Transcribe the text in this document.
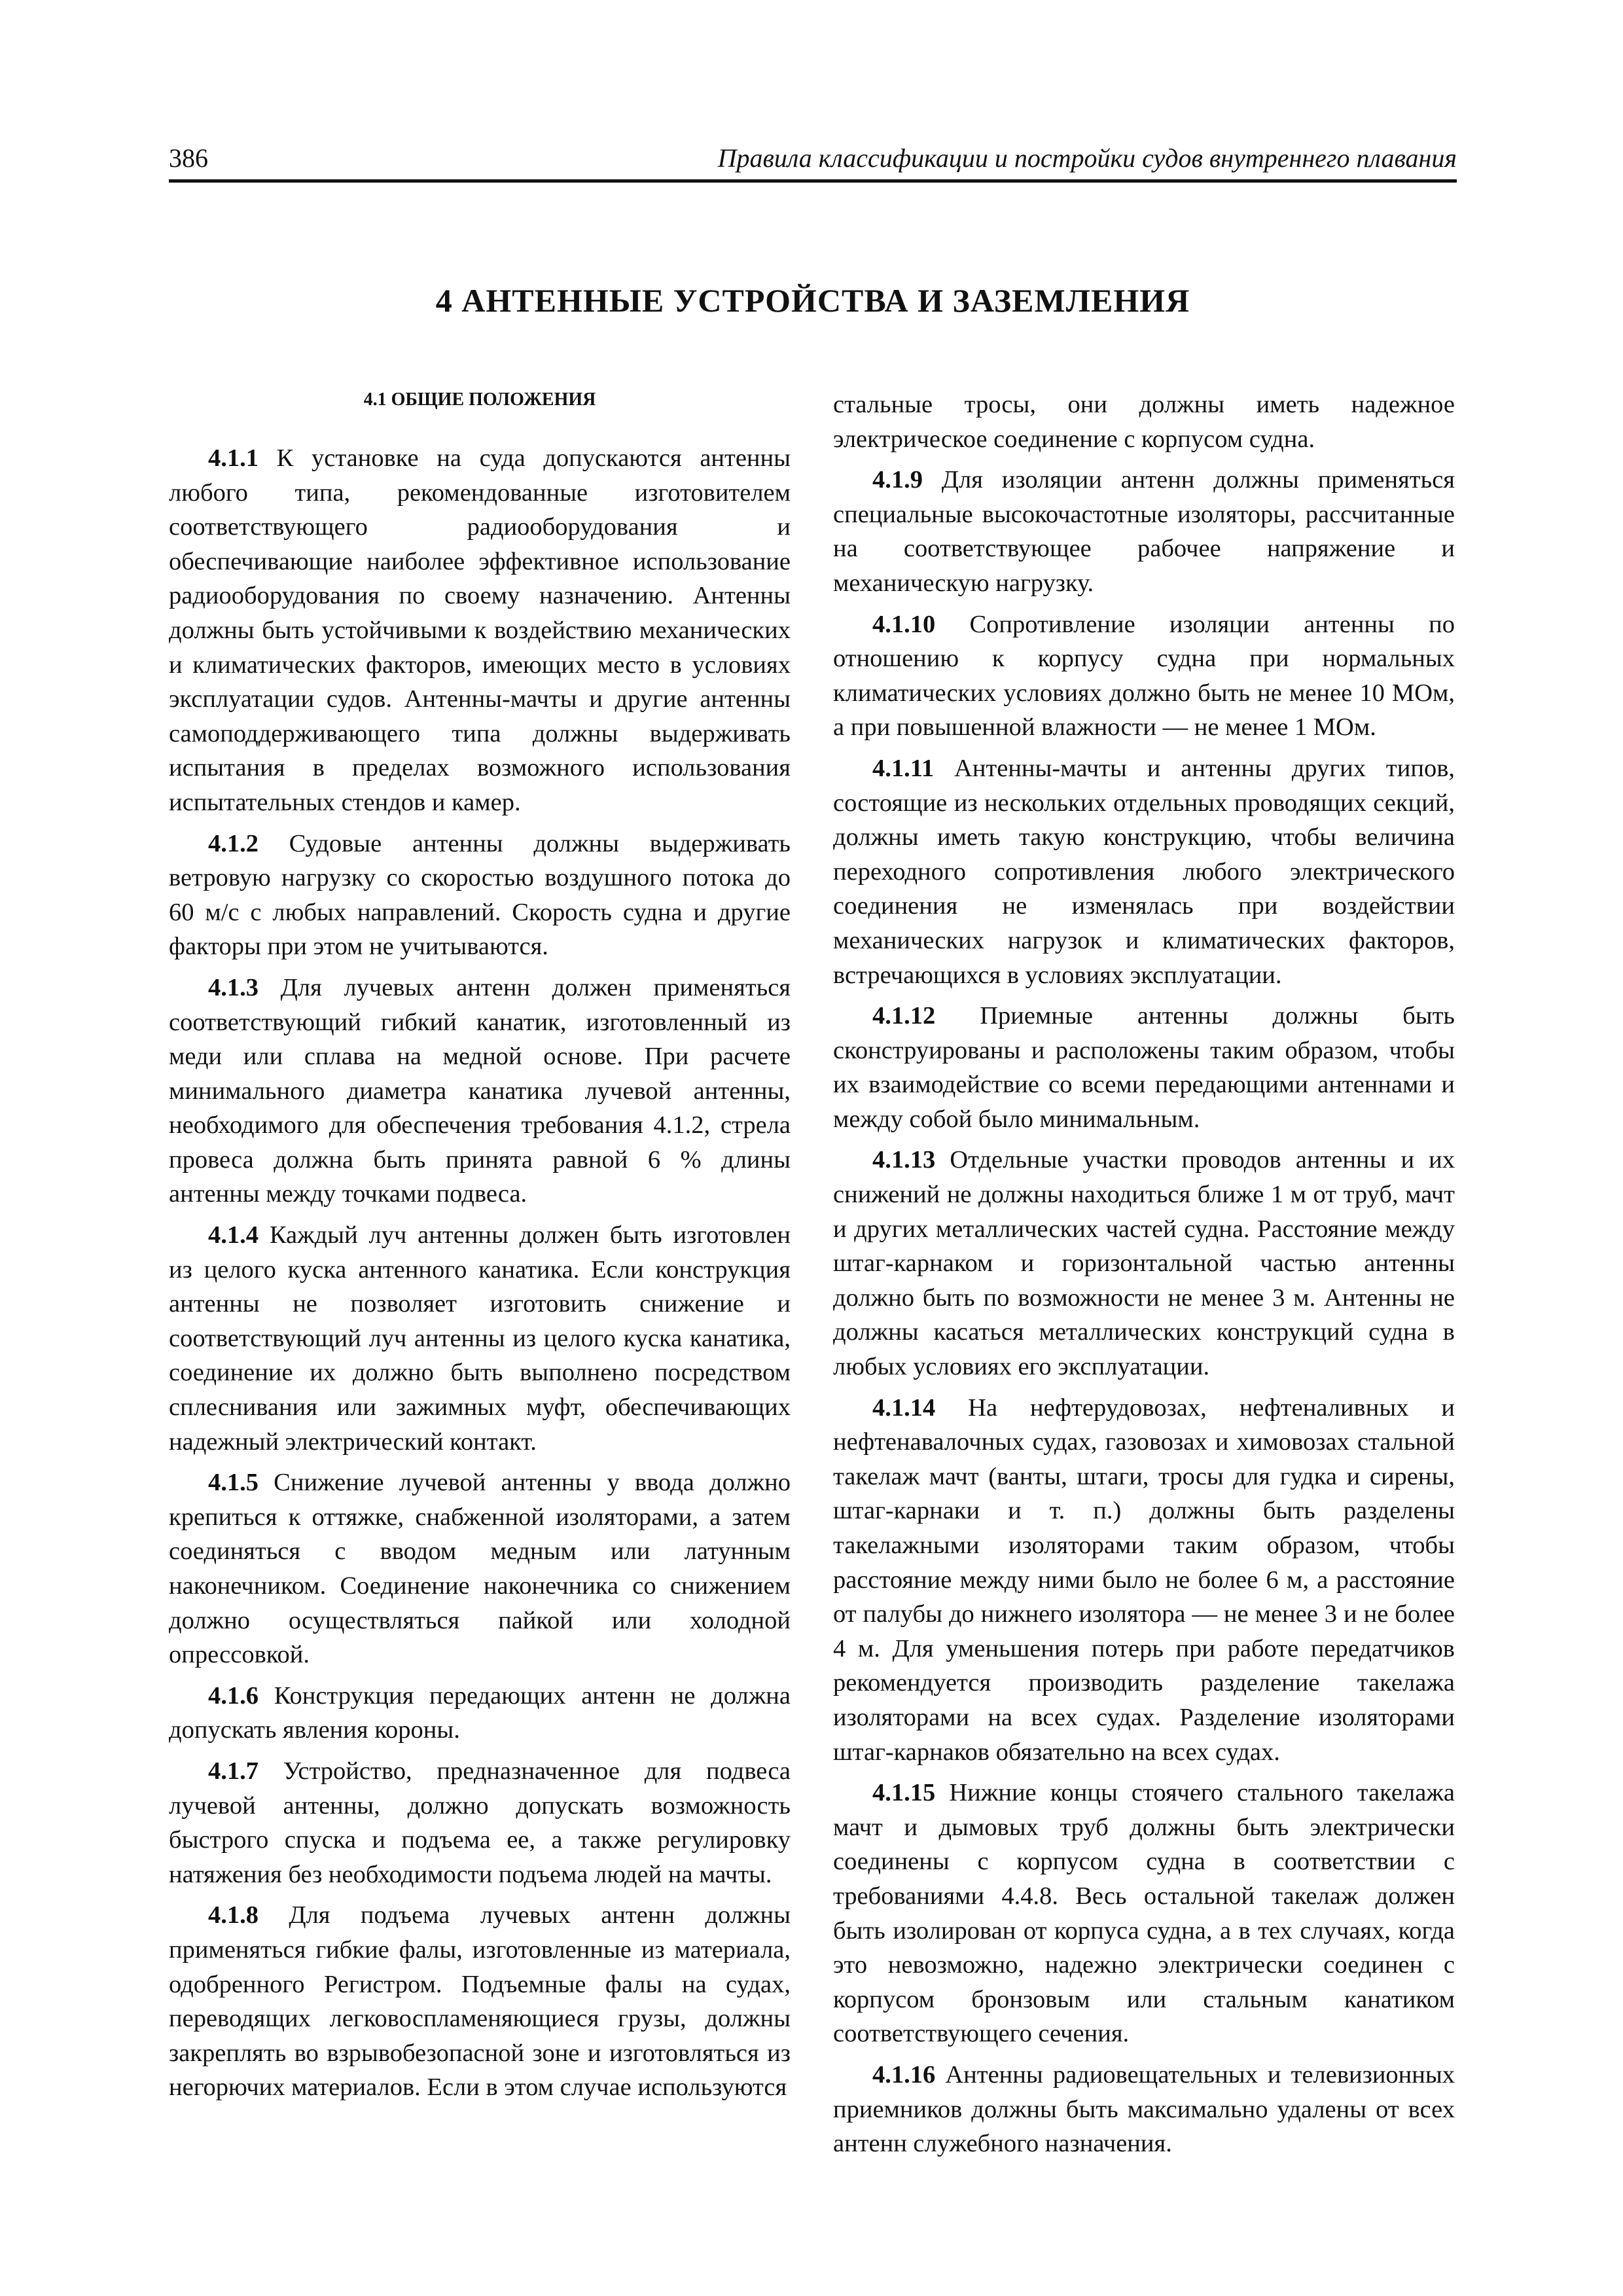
386	Правила классификации и постройки судов внутреннего плавания
4 АНТЕННЫЕ УСТРОЙСТВА И ЗАЗЕМЛЕНИЯ
4.1 ОБЩИЕ ПОЛОЖЕНИЯ

4.1.1 К установке на суда допускаются антенны любого типа, рекомендованные изготовителем соответствующего радиооборудования и обеспечивающие наиболее эффективное использование радиооборудования по своему назначению. Антенны должны быть устойчивыми к воздействию механических и климатических факторов, имеющих место в условиях эксплуатации судов. Антенны-мачты и другие антенны самоподдерживающего типа должны выдерживать испытания в пределах возможного использования испытательных стендов и камер.

4.1.2 Судовые антенны должны выдерживать ветровую нагрузку со скоростью воздушного потока до 60 м/с с любых направлений. Скорость судна и другие факторы при этом не учитываются.

4.1.3 Для лучевых антенн должен применяться соответствующий гибкий канатик, изготовленный из меди или сплава на медной основе. При расчете минимального диаметра канатика лучевой антенны, необходимого для обеспечения требования 4.1.2, стрела провеса должна быть принята равной 6 % длины антенны между точками подвеса.

4.1.4 Каждый луч антенны должен быть изготовлен из целого куска антенного канатика. Если конструкция антенны не позволяет изготовить снижение и соответствующий луч антенны из целого куска канатика, соединение их должно быть выполнено посредством сплеснивания или зажимных муфт, обеспечивающих надежный электрический контакт.

4.1.5 Снижение лучевой антенны у ввода должно крепиться к оттяжке, снабженной изоляторами, а затем соединяться с вводом медным или латунным наконечником. Соединение наконечника со снижением должно осуществляться пайкой или холодной опрессовкой.

4.1.6 Конструкция передающих антенн не должна допускать явления короны.

4.1.7 Устройство, предназначенное для подвеса лучевой антенны, должно допускать возможность быстрого спуска и подъема ее, а также регулировку натяжения без необходимости подъема людей на мачты.

4.1.8 Для подъема лучевых антенн должны применяться гибкие фалы, изготовленные из материала, одобренного Регистром. Подъемные фалы на судах, переводящих легковоспламеняющиеся грузы, должны закреплять во взрывобезопасной зоне и изготовляться из негорючих материалов. Если в этом случае используются

стальные тросы, они должны иметь надежное электрическое соединение с корпусом судна.

4.1.9 Для изоляции антенн должны применяться специальные высокочастотные изоляторы, рассчитанные на соответствующее рабочее напряжение и механическую нагрузку.

4.1.10 Сопротивление изоляции антенны по отношению к корпусу судна при нормальных климатических условиях должно быть не менее 10 МОм, а при повышенной влажности — не менее 1 МОм.

4.1.11 Антенны-мачты и антенны других типов, состоящие из нескольких отдельных проводящих секций, должны иметь такую конструкцию, чтобы величина переходного сопротивления любого электрического соединения не изменялась при воздействии механических нагрузок и климатических факторов, встречающихся в условиях эксплуатации.

4.1.12 Приемные антенны должны быть сконструированы и расположены таким образом, чтобы их взаимодействие со всеми передающими антеннами и между собой было минимальным.

4.1.13 Отдельные участки проводов антенны и их снижений не должны находиться ближе 1 м от труб, мачт и других металлических частей судна. Расстояние между штаг-карнаком и горизонтальной частью антенны должно быть по возможности не менее 3 м. Антенны не должны касаться металлических конструкций судна в любых условиях его эксплуатации.

4.1.14 На нефтерудовозах, нефтеналивных и нефтенавалочных судах, газовозах и химовозах стальной такелаж мачт (ванты, штаги, тросы для гудка и сирены, штаг-карнаки и т. п.) должны быть разделены такелажными изоляторами таким образом, чтобы расстояние между ними было не более 6 м, а расстояние от палубы до нижнего изолятора — не менее 3 и не более 4 м. Для уменьшения потерь при работе передатчиков рекомендуется производить разделение такелажа изоляторами на всех судах. Разделение изоляторами штаг-карнаков обязательно на всех судах.

4.1.15 Нижние концы стоячего стального такелажа мачт и дымовых труб должны быть электрически соединены с корпусом судна в соответствии с требованиями 4.4.8. Весь остальной такелаж должен быть изолирован от корпуса судна, а в тех случаях, когда это невозможно, надежно электрически соединен с корпусом бронзовым или стальным канатиком соответствующего сечения.

4.1.16 Антенны радиовещательных и телевизионных приемников должны быть максимально удалены от всех антенн служебного назначения.
